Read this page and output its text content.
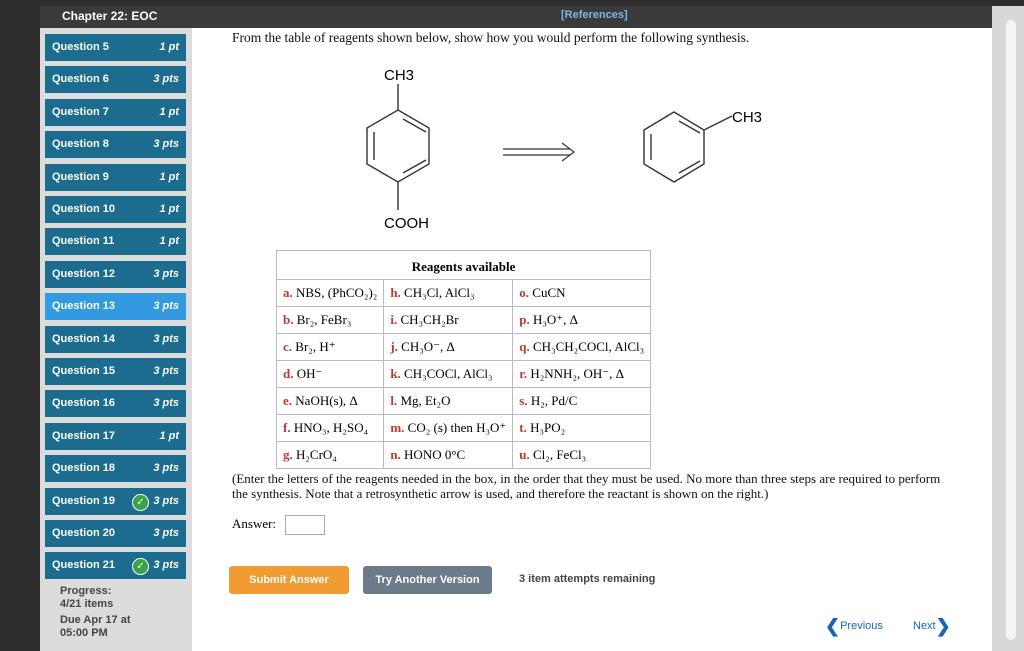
Chapter 22: EOC	[References]
Question 5	1 pt
Question 6	3 pts
Question 7	1 pt
Question 8	3 pts
Question 9	1 pt
Question 10	1 pt
Question 11	1 pt
Question 12	3 pts
Question 13	3 pts
Question 14	3 pts
Question 15	3 pts
Question 16	3 pts
Question 17	1 pt
Question 18	3 pts
Question 19	3 pts
✓
Question 20	3 pts
Question 21	3 pts
✓
Progress:
4/21 items
Due Apr 17 at
05:00 PM
From the table of reagents shown below, show how you would perform the following synthesis.
CH3
COOH
CH3
Reagents available		
a. NBS, (PhCO₂)₂	h. CH₃Cl, AlCl₃	o. CuCN
b. Br₂, FeBr₃	i. CH₃CH₂Br	p. H₃O⁺, Δ
c. Br₂, H⁺	j. CH₃O⁻, Δ	q. CH₃CH₂COCl, AlCl₃
d. OH⁻	k. CH₃COCl, AlCl₃	r. H₂NNH₂, OH⁻, Δ
e. NaOH(s), Δ	l. Mg, Et₂O	s. H₂, Pd/C
f. HNO₃, H₂SO₄	m. CO₂ (s) then H₃O⁺	t. H₃PO₂
g. H₂CrO₄	n. HONO 0°C	u. Cl₂, FeCl₃
(Enter the letters of the reagents needed in the box, in the order that they must be used. No more than three steps are required to perform the synthesis. Note that a retrosynthetic arrow is used, and therefore the reactant is shown on the right.)
Answer:
Submit Answer	Try Another Version	3 item attempts remaining
❮Previous	Next❯
